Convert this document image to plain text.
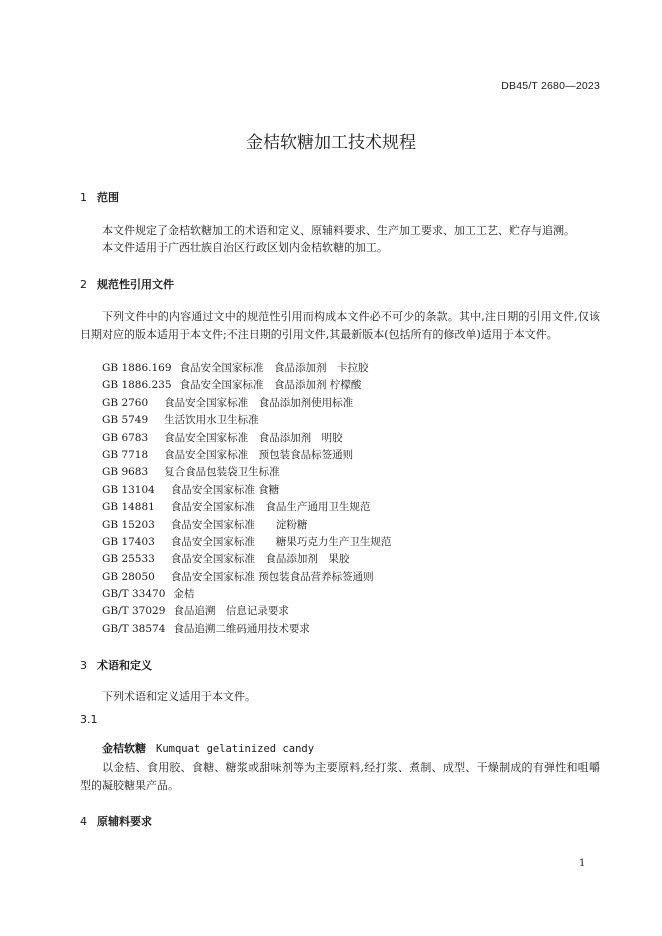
DB45/T 2680—2023
金桔软糖加工技术规程
1 范围
本文件规定了金桔软糖加工的术语和定义、原辅料要求、生产加工要求、加工工艺、贮存与追溯。
本文件适用于广西壮族自治区行政区划内金桔软糖的加工。
2 规范性引用文件
下列文件中的内容通过文中的规范性引用而构成本文件必不可少的条款。其中,注日期的引用文件,仅该日期对应的版本适用于本文件;不注日期的引用文件,其最新版本(包括所有的修改单)适用于本文件。
GB 1886.169 食品安全国家标准　食品添加剂　卡拉胶
GB 1886.235 食品安全国家标准　食品添加剂 柠檬酸
GB 2760 食品安全国家标准　食品添加剂使用标准
GB 5749 生活饮用水卫生标准
GB 6783 食品安全国家标准　食品添加剂　明胶
GB 7718 食品安全国家标准　预包装食品标签通则
GB 9683 复合食品包装袋卫生标准
GB 13104 食品安全国家标准 食糖
GB 14881 食品安全国家标准　食品生产通用卫生规范
GB 15203 食品安全国家标准　　淀粉糖
GB 17403 食品安全国家标准　　糖果巧克力生产卫生规范
GB 25533 食品安全国家标准　食品添加剂　果胶
GB 28050 食品安全国家标准 预包装食品营养标签通则
GB/T 33470 金桔
GB/T 37029 食品追溯　信息记录要求
GB/T 38574 食品追溯二维码通用技术要求
3 术语和定义
下列术语和定义适用于本文件。
3.1
金桔软糖 Kumquat gelatinized candy
以金桔、食用胶、食糖、糖浆或甜味剂等为主要原料,经打浆、煮制、成型、干燥制成的有弹性和咀嚼型的凝胶糖果产品。
4 原辅料要求
1
